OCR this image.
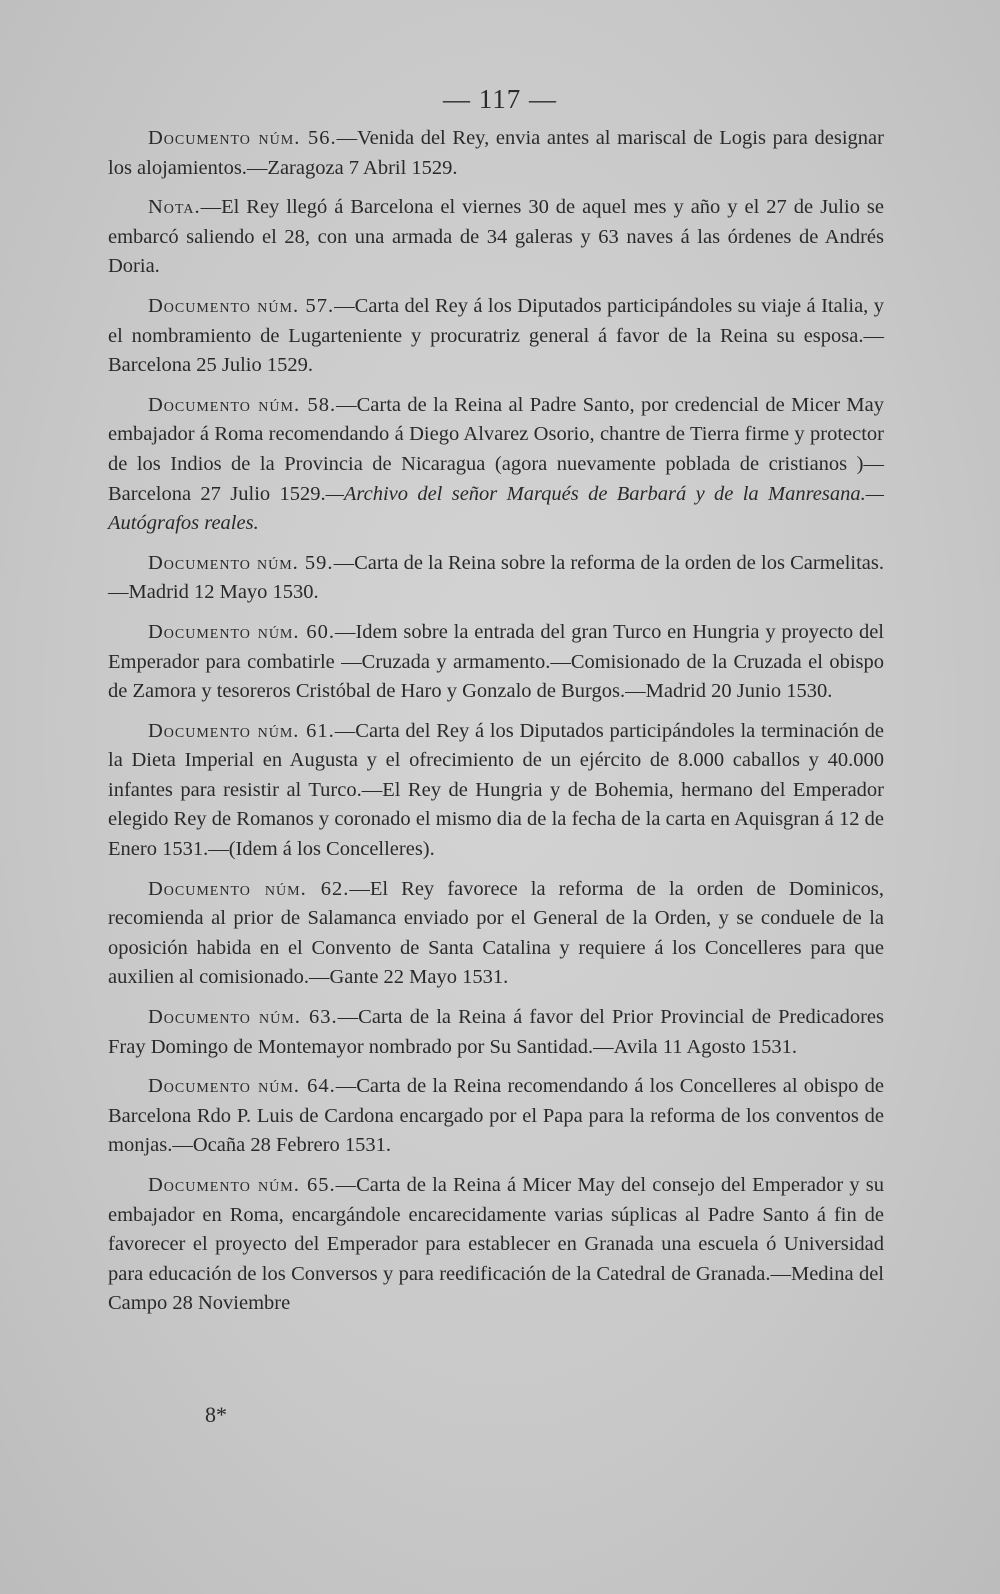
— 117 —

Documento núm. 56.—Venida del Rey, envia antes al mariscal de Logis para designar los alojamientos.—Zaragoza 7 Abril 1529.

Nota.—El Rey llegó á Barcelona el viernes 30 de aquel mes y año y el 27 de Julio se embarcó saliendo el 28, con una armada de 34 galeras y 63 naves á las órdenes de Andrés Doria.

Documento núm. 57.—Carta del Rey á los Diputados participándoles su viaje á Italia, y el nombramiento de Lugarteniente y procuratriz general á favor de la Reina su esposa.—Barcelona 25 Julio 1529.

Documento núm. 58.—Carta de la Reina al Padre Santo, por credencial de Micer May embajador á Roma recomendando á Diego Alvarez Osorio, chantre de Tierra firme y protector de los Indios de la Provincia de Nicaragua (agora nuevamente poblada de cristianos )—Barcelona 27 Julio 1529.—Archivo del señor Marqués de Barbará y de la Manresana.—Autógrafos reales.

Documento núm. 59.—Carta de la Reina sobre la reforma de la orden de los Carmelitas.—Madrid 12 Mayo 1530.

Documento núm. 60.—Idem sobre la entrada del gran Turco en Hungria y proyecto del Emperador para combatirle —Cruzada y armamento.—Comisionado de la Cruzada el obispo de Zamora y tesoreros Cristóbal de Haro y Gonzalo de Burgos.—Madrid 20 Junio 1530.

Documento núm. 61.—Carta del Rey á los Diputados participándoles la terminación de la Dieta Imperial en Augusta y el ofrecimiento de un ejército de 8.000 caballos y 40.000 infantes para resistir al Turco.—El Rey de Hungria y de Bohemia, hermano del Emperador elegido Rey de Romanos y coronado el mismo dia de la fecha de la carta en Aquisgran á 12 de Enero 1531.—(Idem á los Concelleres).

Documento núm. 62.—El Rey favorece la reforma de la orden de Dominicos, recomienda al prior de Salamanca enviado por el General de la Orden, y se conduele de la oposición habida en el Convento de Santa Catalina y requiere á los Concelleres para que auxilien al comisionado.—Gante 22 Mayo 1531.

Documento núm. 63.—Carta de la Reina á favor del Prior Provincial de Predicadores Fray Domingo de Montemayor nombrado por Su Santidad.—Avila 11 Agosto 1531.

Documento núm. 64.—Carta de la Reina recomendando á los Concelleres al obispo de Barcelona Rdo P. Luis de Cardona encargado por el Papa para la reforma de los conventos de monjas.—Ocaña 28 Febrero 1531.

Documento núm. 65.—Carta de la Reina á Micer May del consejo del Emperador y su embajador en Roma, encargándole encarecidamente varias súplicas al Padre Santo á fin de favorecer el proyecto del Emperador para establecer en Granada una escuela ó Universidad para educación de los Conversos y para reedificación de la Catedral de Granada.—Medina del Campo 28 Noviembre

8*
